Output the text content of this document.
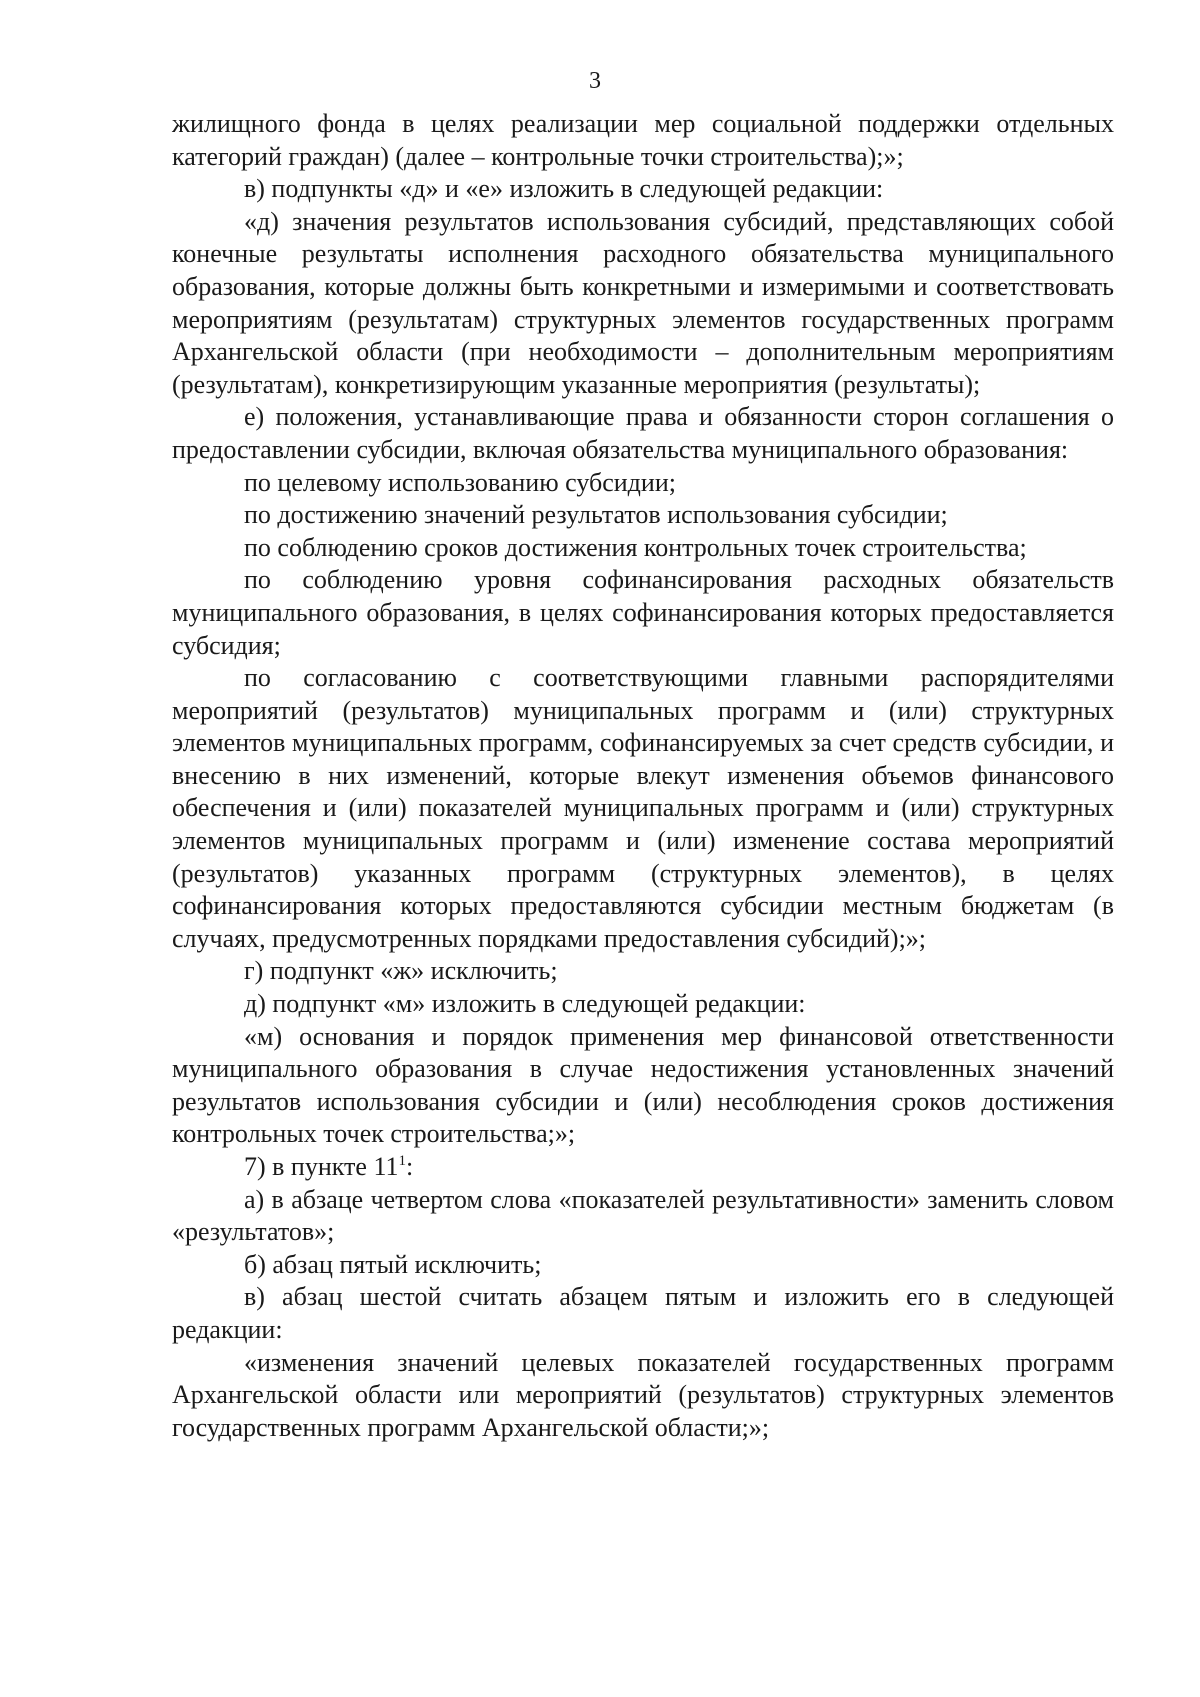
3

жилищного фонда в целях реализации мер социальной поддержки отдельных категорий граждан) (далее – контрольные точки строительства);»;

в) подпункты «д» и «е» изложить в следующей редакции:

«д) значения результатов использования субсидий, представляющих собой конечные результаты исполнения расходного обязательства муниципального образования, которые должны быть конкретными и измеримыми и соответствовать мероприятиям (результатам) структурных элементов государственных программ Архангельской области (при необходимости – дополнительным мероприятиям (результатам), конкретизирующим указанные мероприятия (результаты);

е) положения, устанавливающие права и обязанности сторон соглашения о предоставлении субсидии, включая обязательства муниципального образования:

по целевому использованию субсидии;

по достижению значений результатов использования субсидии;

по соблюдению сроков достижения контрольных точек строительства;

по соблюдению уровня софинансирования расходных обязательств муниципального образования, в целях софинансирования которых предоставляется субсидия;

по согласованию с соответствующими главными распорядителями мероприятий (результатов) муниципальных программ и (или) структурных элементов муниципальных программ, софинансируемых за счет средств субсидии, и внесению в них изменений, которые влекут изменения объемов финансового обеспечения и (или) показателей муниципальных программ и (или) структурных элементов муниципальных программ и (или) изменение состава мероприятий (результатов) указанных программ (структурных элементов), в целях софинансирования которых предоставляются субсидии местным бюджетам (в случаях, предусмотренных порядками предоставления субсидий);»;

г) подпункт «ж» исключить;

д) подпункт «м» изложить в следующей редакции:

«м) основания и порядок применения мер финансовой ответственности муниципального образования в случае недостижения установленных значений результатов использования субсидии и (или) несоблюдения сроков достижения контрольных точек строительства;»;

7) в пункте $11^1$:

а) в абзаце четвертом слова «показателей результативности» заменить словом «результатов»;

б) абзац пятый исключить;

в) абзац шестой считать абзацем пятым и изложить его в следующей редакции:

«изменения значений целевых показателей государственных программ Архангельской области или мероприятий (результатов) структурных элементов государственных программ Архангельской области;»;
